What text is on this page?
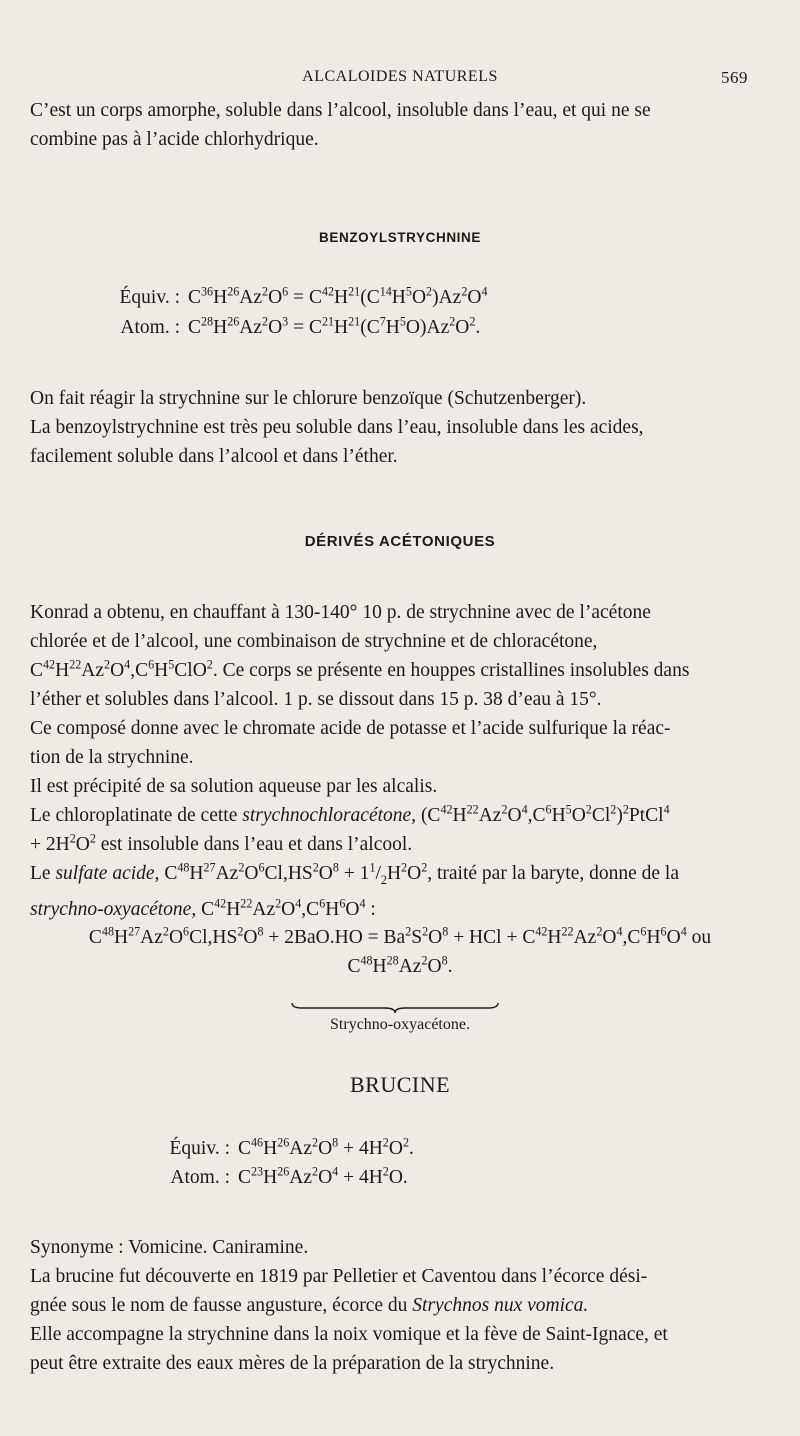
ALCALOIDES NATURELS	569

C’est un corps amorphe, soluble dans l’alcool, insoluble dans l’eau, et qui ne se

combine pas à l’acide chlorhydrique.

BENZOYLSTRYCHNINE
Équiv. : $C^{36}H^{26}Az^2O^6 = C^{42}H^{21}(C^{14}H^5O^2)Az^2O^4$
Atom. : $C^{28}H^{26}Az^2O^3 = C^{21}H^{21}(C^7H^5O)Az^2O^2$.

On fait réagir la strychnine sur le chlorure benzoïque (Schutzenberger).

La benzoylstrychnine est très peu soluble dans l’eau, insoluble dans les acides,

facilement soluble dans l’alcool et dans l’éther.

DÉRIVÉS ACÉTONIQUES

Konrad a obtenu, en chauffant à 130-140° 10 p. de strychnine avec de l’acétone

chlorée et de l’alcool, une combinaison de strychnine et de chloracétone,

$C^{42}H^{22}Az^2O^4,C^6H^5ClO^2$. Ce corps se présente en houppes cristallines insolubles dans

l’éther et solubles dans l’alcool. 1 p. se dissout dans 15 p. 38 d’eau à 15°.

Ce composé donne avec le chromate acide de potasse et l’acide sulfurique la réac-

tion de la strychnine.

Il est précipité de sa solution aqueuse par les alcalis.

Le chloroplatinate de cette strychnochloracétone, $(C^{42}H^{22}Az^2O^4,C^6H^5O^2Cl^2)^2PtCl^4$

+ $2H^2O^2$ est insoluble dans l’eau et dans l’alcool.

Le sulfate acide, $C^{48}H^{27}Az^2O^6Cl,HS^2O^8 + 1^1/_2H^2O^2$, traité par la baryte, donne de la

strychno-oxyacétone, $C^{42}H^{22}Az^2O^4,C^6H^6O^4$ :

$C^{48}H^{27}Az^2O^6Cl,HS^2O^8 + 2BaO.HO = Ba^2S^2O^8$ + HCl + $C^{42}H^{22}Az^2O^4,C^6H^6O^4$ ou
$C^{48}H^{28}Az^2O^8$.
Strychno-oxyacétone.
BRUCINE
Équiv. : $C^{46}H^{26}Az^2O^8 + 4H^2O^2$.
Atom. : $C^{23}H^{26}Az^2O^4 + 4H^2O$.

Synonyme : Vomicine. Caniramine.

La brucine fut découverte en 1819 par Pelletier et Caventou dans l’écorce dési-

gnée sous le nom de fausse angusture, écorce du Strychnos nux vomica.

Elle accompagne la strychnine dans la noix vomique et la fève de Saint-Ignace, et

peut être extraite des eaux mères de la préparation de la strychnine.
